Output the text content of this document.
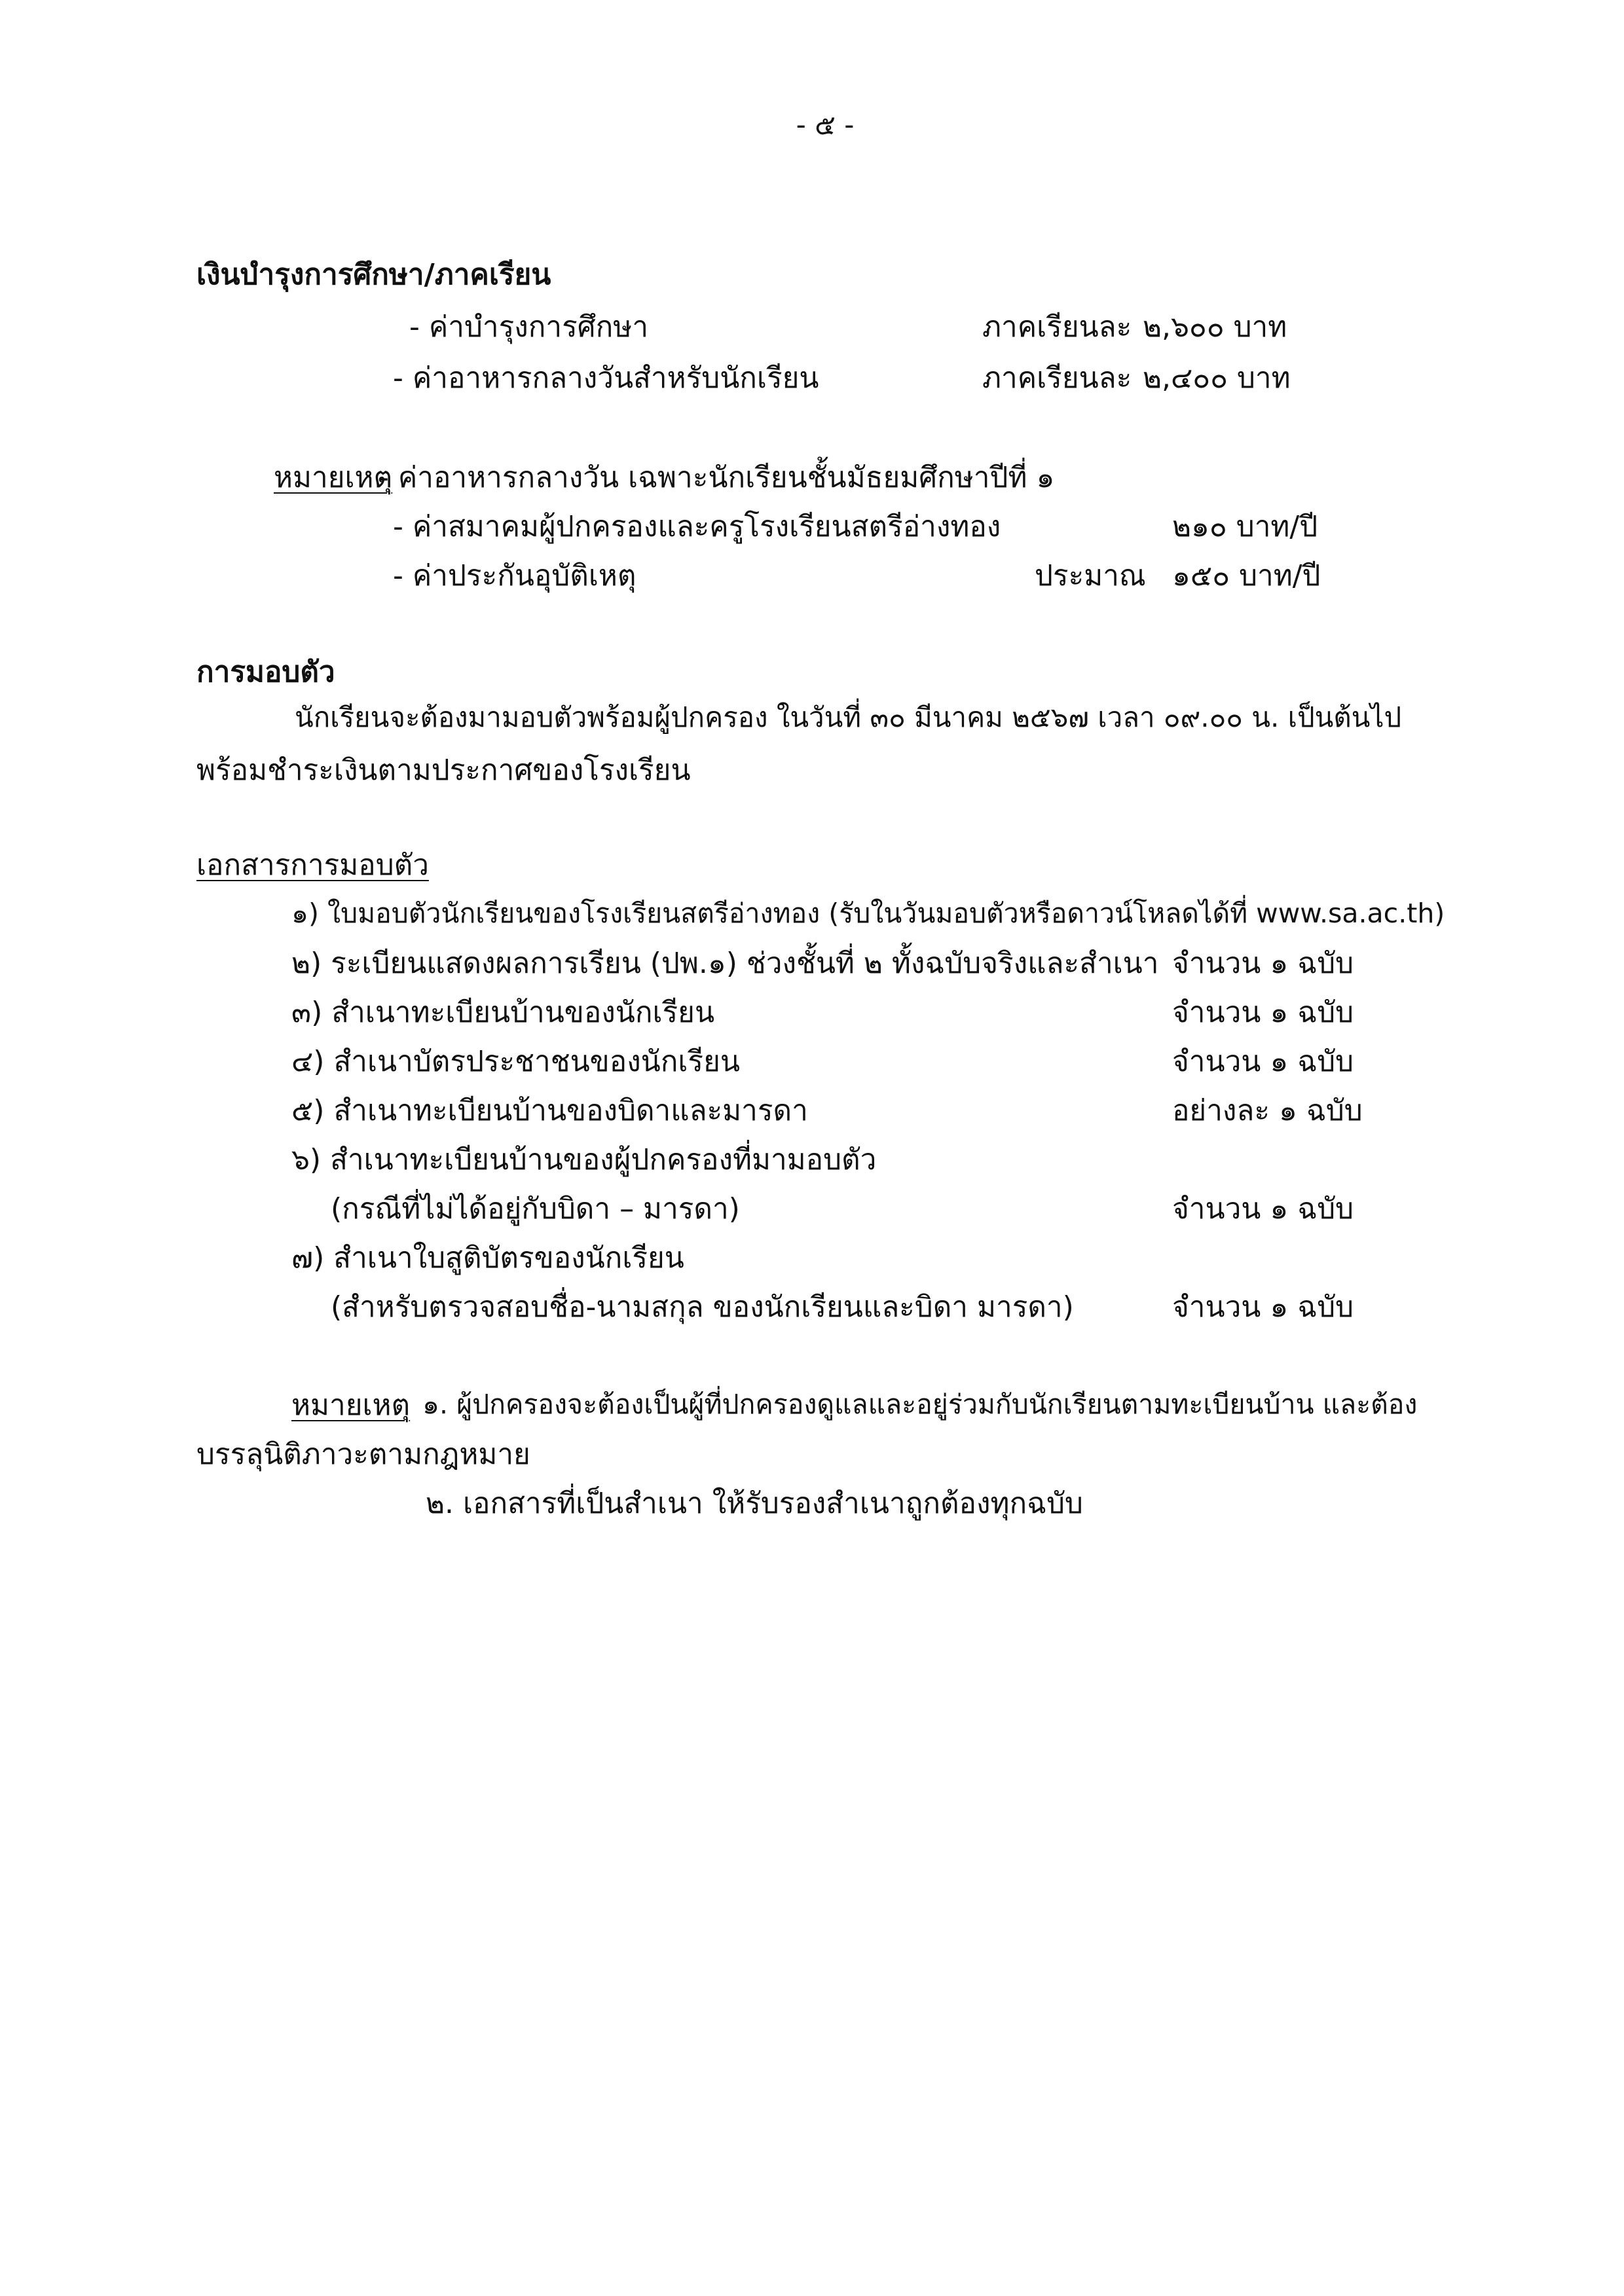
- ๕ -
เงินบำรุงการศึกษา/ภาคเรียน
- ค่าบำรุงการศึกษา	ภาคเรียนละ ๒,๖๐๐ บาท
- ค่าอาหารกลางวันสำหรับนักเรียน	ภาคเรียนละ ๒,๔๐๐ บาท
หมายเหตุ
- ค่าอาหารกลางวัน เฉพาะนักเรียนชั้นมัธยมศึกษาปีที่ ๑
- ค่าสมาคมผู้ปกครองและครูโรงเรียนสตรีอ่างทอง	๒๑๐ บาท/ปี
- ค่าประกันอุบัติเหตุ	ประมาณ ๑๕๐ บาท/ปี
การมอบตัว
นักเรียนจะต้องมามอบตัวพร้อมผู้ปกครอง ในวันที่ ๓๐ มีนาคม ๒๕๖๗ เวลา ๐๙.๐๐ น. เป็นต้นไป
พร้อมชำระเงินตามประกาศของโรงเรียน
เอกสารการมอบตัว
๑) ใบมอบตัวนักเรียนของโรงเรียนสตรีอ่างทอง (รับในวันมอบตัวหรือดาวน์โหลดได้ที่ www.sa.ac.th)
๒) ระเบียนแสดงผลการเรียน (ปพ.๑) ช่วงชั้นที่ ๒ ทั้งฉบับจริงและสำเนา จำนวน ๑ ฉบับ
๓) สำเนาทะเบียนบ้านของนักเรียน	จำนวน ๑ ฉบับ
๔) สำเนาบัตรประชาชนของนักเรียน	จำนวน ๑ ฉบับ
๕) สำเนาทะเบียนบ้านของบิดาและมารดา	อย่างละ ๑ ฉบับ
๖) สำเนาทะเบียนบ้านของผู้ปกครองที่มามอบตัว
(กรณีที่ไม่ได้อยู่กับบิดา – มารดา)	จำนวน ๑ ฉบับ
๗) สำเนาใบสูติบัตรของนักเรียน
(สำหรับตรวจสอบชื่อ-นามสกุล ของนักเรียนและบิดา มารดา)	จำนวน ๑ ฉบับ
หมายเหตุ ๑. ผู้ปกครองจะต้องเป็นผู้ที่ปกครองดูแลและอยู่ร่วมกับนักเรียนตามทะเบียนบ้าน และต้อง
บรรลุนิติภาวะตามกฎหมาย
๒. เอกสารที่เป็นสำเนา ให้รับรองสำเนาถูกต้องทุกฉบับ
